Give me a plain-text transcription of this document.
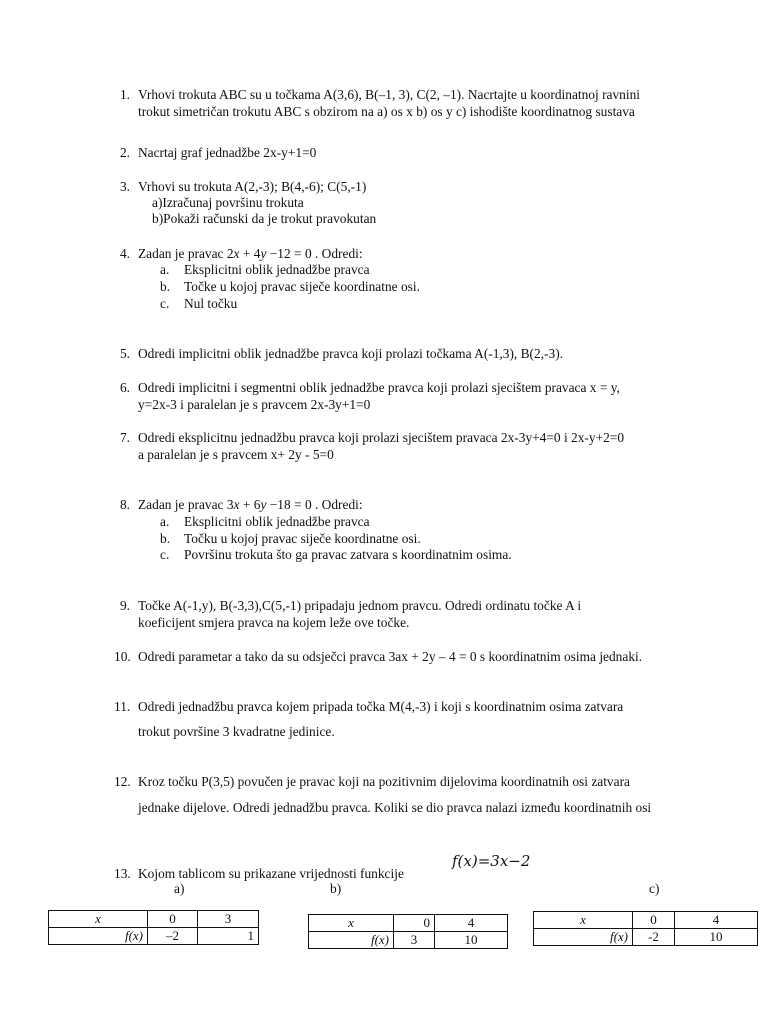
1. Vrhovi trokuta ABC su u točkama A(3,6), B(–1, 3), C(2, –1). Nacrtajte u koordinatnoj ravnini
trokut simetričan trokutu ABC s obzirom na a) os x b) os y c) ishodište koordinatnog sustava
2. Nacrtaj graf jednadžbe 2x-y+1=0
3. Vrhovi su trokuta A(2,-3); B(4,-6); C(5,-1)
a)Izračunaj površinu trokuta
b)Pokaži računski da je trokut pravokutan
4. Zadan je pravac 2x + 4y −12 = 0 . Odredi:
a. Eksplicitni oblik jednadžbe pravca
b. Točke u kojoj pravac siječe koordinatne osi.
c. Nul točku
5. Odredi implicitni oblik jednadžbe pravca koji prolazi točkama A(-1,3), B(2,-3).
6. Odredi implicitni i segmentni oblik jednadžbe pravca koji prolazi sjecištem pravaca x = y,
y=2x-3 i paralelan je s pravcem 2x-3y+1=0
7. Odredi eksplicitnu jednadžbu pravca koji prolazi sjecištem pravaca 2x-3y+4=0 i 2x-y+2=0
a paralelan je s pravcem x+ 2y - 5=0
8. Zadan je pravac 3x + 6y −18 = 0 . Odredi:
a. Eksplicitni oblik jednadžbe pravca
b. Točku u kojoj pravac siječe koordinatne osi.
c. Površinu trokuta što ga pravac zatvara s koordinatnim osima.
9. Točke A(-1,y), B(-3,3),C(5,-1) pripadaju jednom pravcu. Odredi ordinatu točke A i
koeficijent smjera pravca na kojem leže ove točke.
10. Odredi parametar a tako da su odsječci pravca 3ax + 2y – 4 = 0 s koordinatnim osima jednaki.
11. Odredi jednadžbu pravca kojem pripada točka M(4,-3) i koji s koordinatnim osima zatvara
trokut površine 3 kvadratne jedinice.
12. Kroz točku P(3,5) povučen je pravac koji na pozitivnim dijelovima koordinatnih osi zatvara
jednake dijelove. Odredi jednadžbu pravca. Koliki se dio pravca nalazi između koordinatnih osi
13. Kojom tablicom su prikazane vrijednosti funkcije
f(x)=3x−2
a)	b)	c)
x	0	3
f(x)	–2	1
x	0	4
f(x)	3	10
x	0	4
f(x)	-2	10
